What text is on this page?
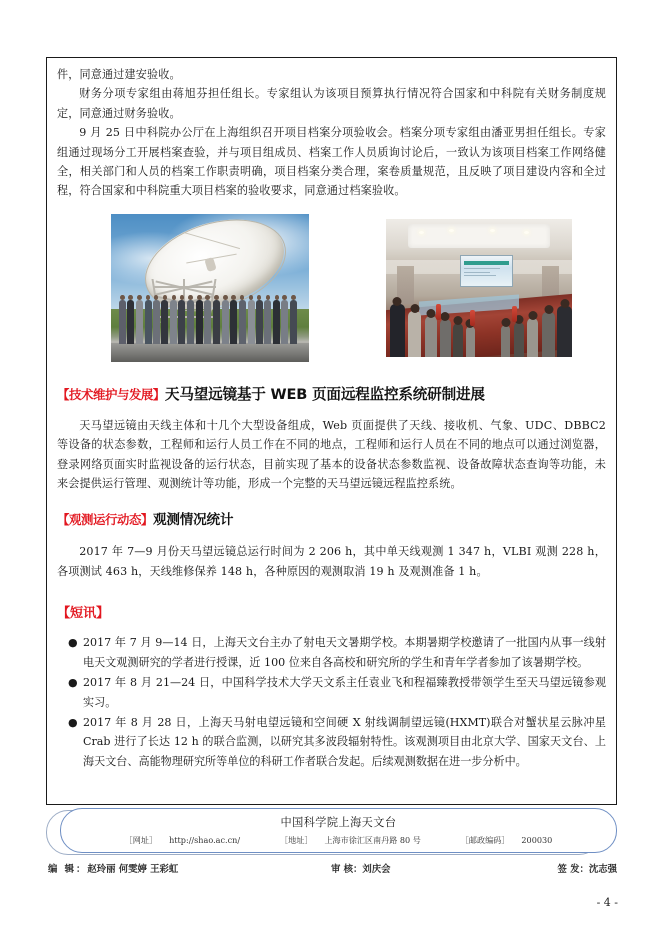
件，同意通过建安验收。

财务分项专家组由蒋旭芬担任组长。专家组认为该项目预算执行情况符合国家和中科院有关财务制度规定，同意通过财务验收。

9 月 25 日中科院办公厅在上海组织召开项目档案分项验收会。档案分项专家组由潘亚男担任组长。专家组通过现场分工开展档案查验，并与项目组成员、档案工作人员质询讨论后，一致认为该项目档案工作网络健全，相关部门和人员的档案工作职责明确，项目档案分类合理，案卷质量规范，且反映了项目建设内容和全过程，符合国家和中科院重大项目档案的验收要求，同意通过档案验收。

【技术维护与发展】天马望远镜基于 WEB 页面远程监控系统研制进展

天马望远镜由天线主体和十几个大型设备组成，Web 页面提供了天线、接收机、气象、UDC、DBBC2 等设备的状态参数，工程师和运行人员工作在不同的地点，工程师和运行人员在不同的地点可以通过浏览器，登录网络页面实时监视设备的运行状态，目前实现了基本的设备状态参数监视、设备故障状态查询等功能，未来会提供运行管理、观测统计等功能，形成一个完整的天马望远镜远程监控系统。

【观测运行动态】观测情况统计

2017 年 7—9 月份天马望远镜总运行时间为 2 206 h，其中单天线观测 1 347 h，VLBI 观测 228 h，各项测试 463 h，天线维修保养 148 h，各种原因的观测取消 19 h 及观测准备 1 h。

【短讯】
● 2017 年 7 月 9—14 日，上海天文台主办了射电天文暑期学校。本期暑期学校邀请了一批国内从事一线射电天文观测研究的学者进行授课，近 100 位来自各高校和研究所的学生和青年学者参加了该暑期学校。
● 2017 年 8 月 21—24 日，中国科学技术大学天文系主任袁业飞和程福臻教授带领学生至天马望远镜参观实习。
● 2017 年 8 月 28 日，上海天马射电望远镜和空间硬 X 射线调制望远镜(HXMT)联合对蟹状星云脉冲星 Crab 进行了长达 12 h 的联合监测，以研究其多波段辐射特性。该观测项目由北京大学、国家天文台、上海天文台、高能物理研究所等单位的科研工作者联合发起。后续观测数据在进一步分析中。
中国科学院上海天文台
［网址］ http://shao.ac.cn/	［地址］ 上海市徐汇区南丹路 80 号	［邮政编码］ 200030
编 辑：赵玲丽 何雯婷 王彩虹	审 核：刘庆会	签 发：沈志强
- 4 -
